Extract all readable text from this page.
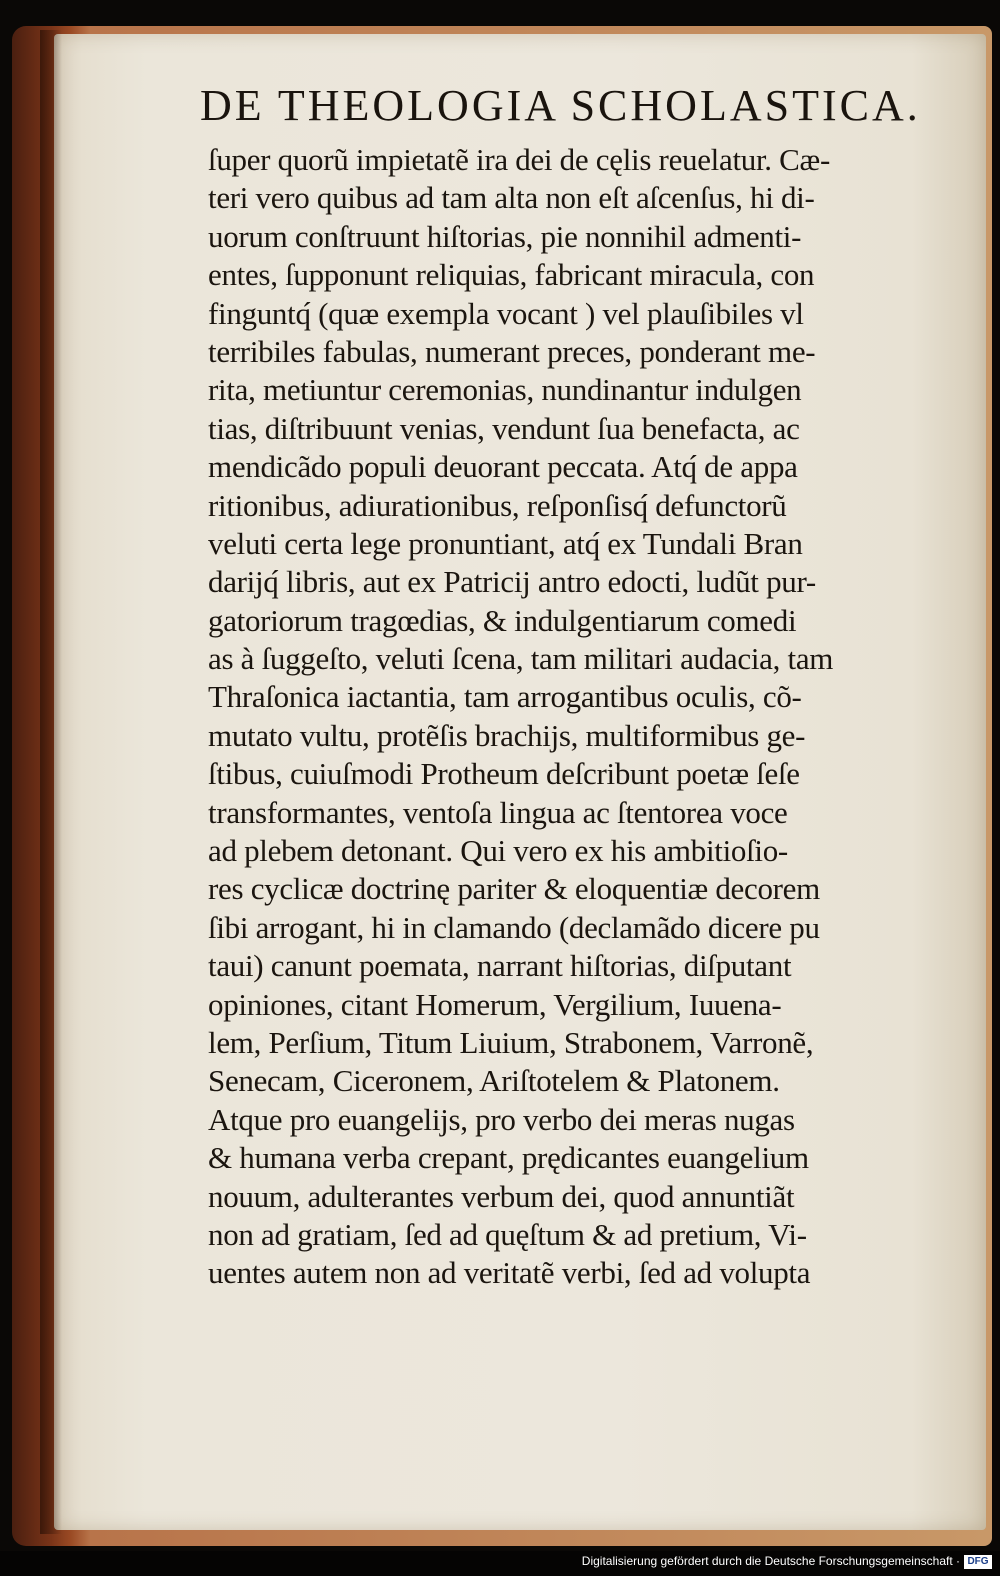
DE THEOLOGIA SCHOLASTICA.
ſuper quorũ impietatẽ ira dei de cęlis reuelatur. Cæ-
teri vero quibus ad tam alta non eſt aſcenſus, hi di-
uorum conſtruunt hiſtorias, pie nonnihil admenti-
entes, ſupponunt reliquias, fabricant miracula, con
finguntq́ (quæ exempla vocant ) vel plauſibiles vl
terribiles fabulas, numerant preces, ponderant me-
rita, metiuntur ceremonias, nundinantur indulgen
tias, diſtribuunt venias, vendunt ſua benefacta, ac
mendicãdo populi deuorant peccata. Atq́ de appa
ritionibus, adiurationibus, reſponſisq́ defunctorũ
veluti certa lege pronuntiant, atq́ ex Tundali Bran
darijq́ libris, aut ex Patricij antro edocti, ludũt pur-
gatoriorum tragœdias, & indulgentiarum comedi
as à ſuggeſto, veluti ſcena, tam militari audacia, tam
Thraſonica iactantia, tam arrogantibus oculis, cõ-
mutato vultu, protẽſis brachijs, multiformibus ge-
ſtibus, cuiuſmodi Protheum deſcribunt poetæ ſeſe
transformantes, ventoſa lingua ac ſtentorea voce
ad plebem detonant. Qui vero ex his ambitioſio-
res cyclicæ doctrinę pariter & eloquentiæ decorem
ſibi arrogant, hi in clamando (declamãdo dicere pu
taui) canunt poemata, narrant hiſtorias, diſputant
opiniones, citant Homerum, Vergilium, Iuuena-
lem, Perſium, Titum Liuium, Strabonem, Varronẽ,
Senecam, Ciceronem, Ariſtotelem & Platonem.
Atque pro euangelijs, pro verbo dei meras nugas
& humana verba crepant, prędicantes euangelium
nouum, adulterantes verbum dei, quod annuntiãt
non ad gratiam, ſed ad quęſtum & ad pretium, Vi-
uentes autem non ad veritatẽ verbi, ſed ad volupta
Digitalisierung gefördert durch die Deutsche Forschungsgemeinschaft · DFG
